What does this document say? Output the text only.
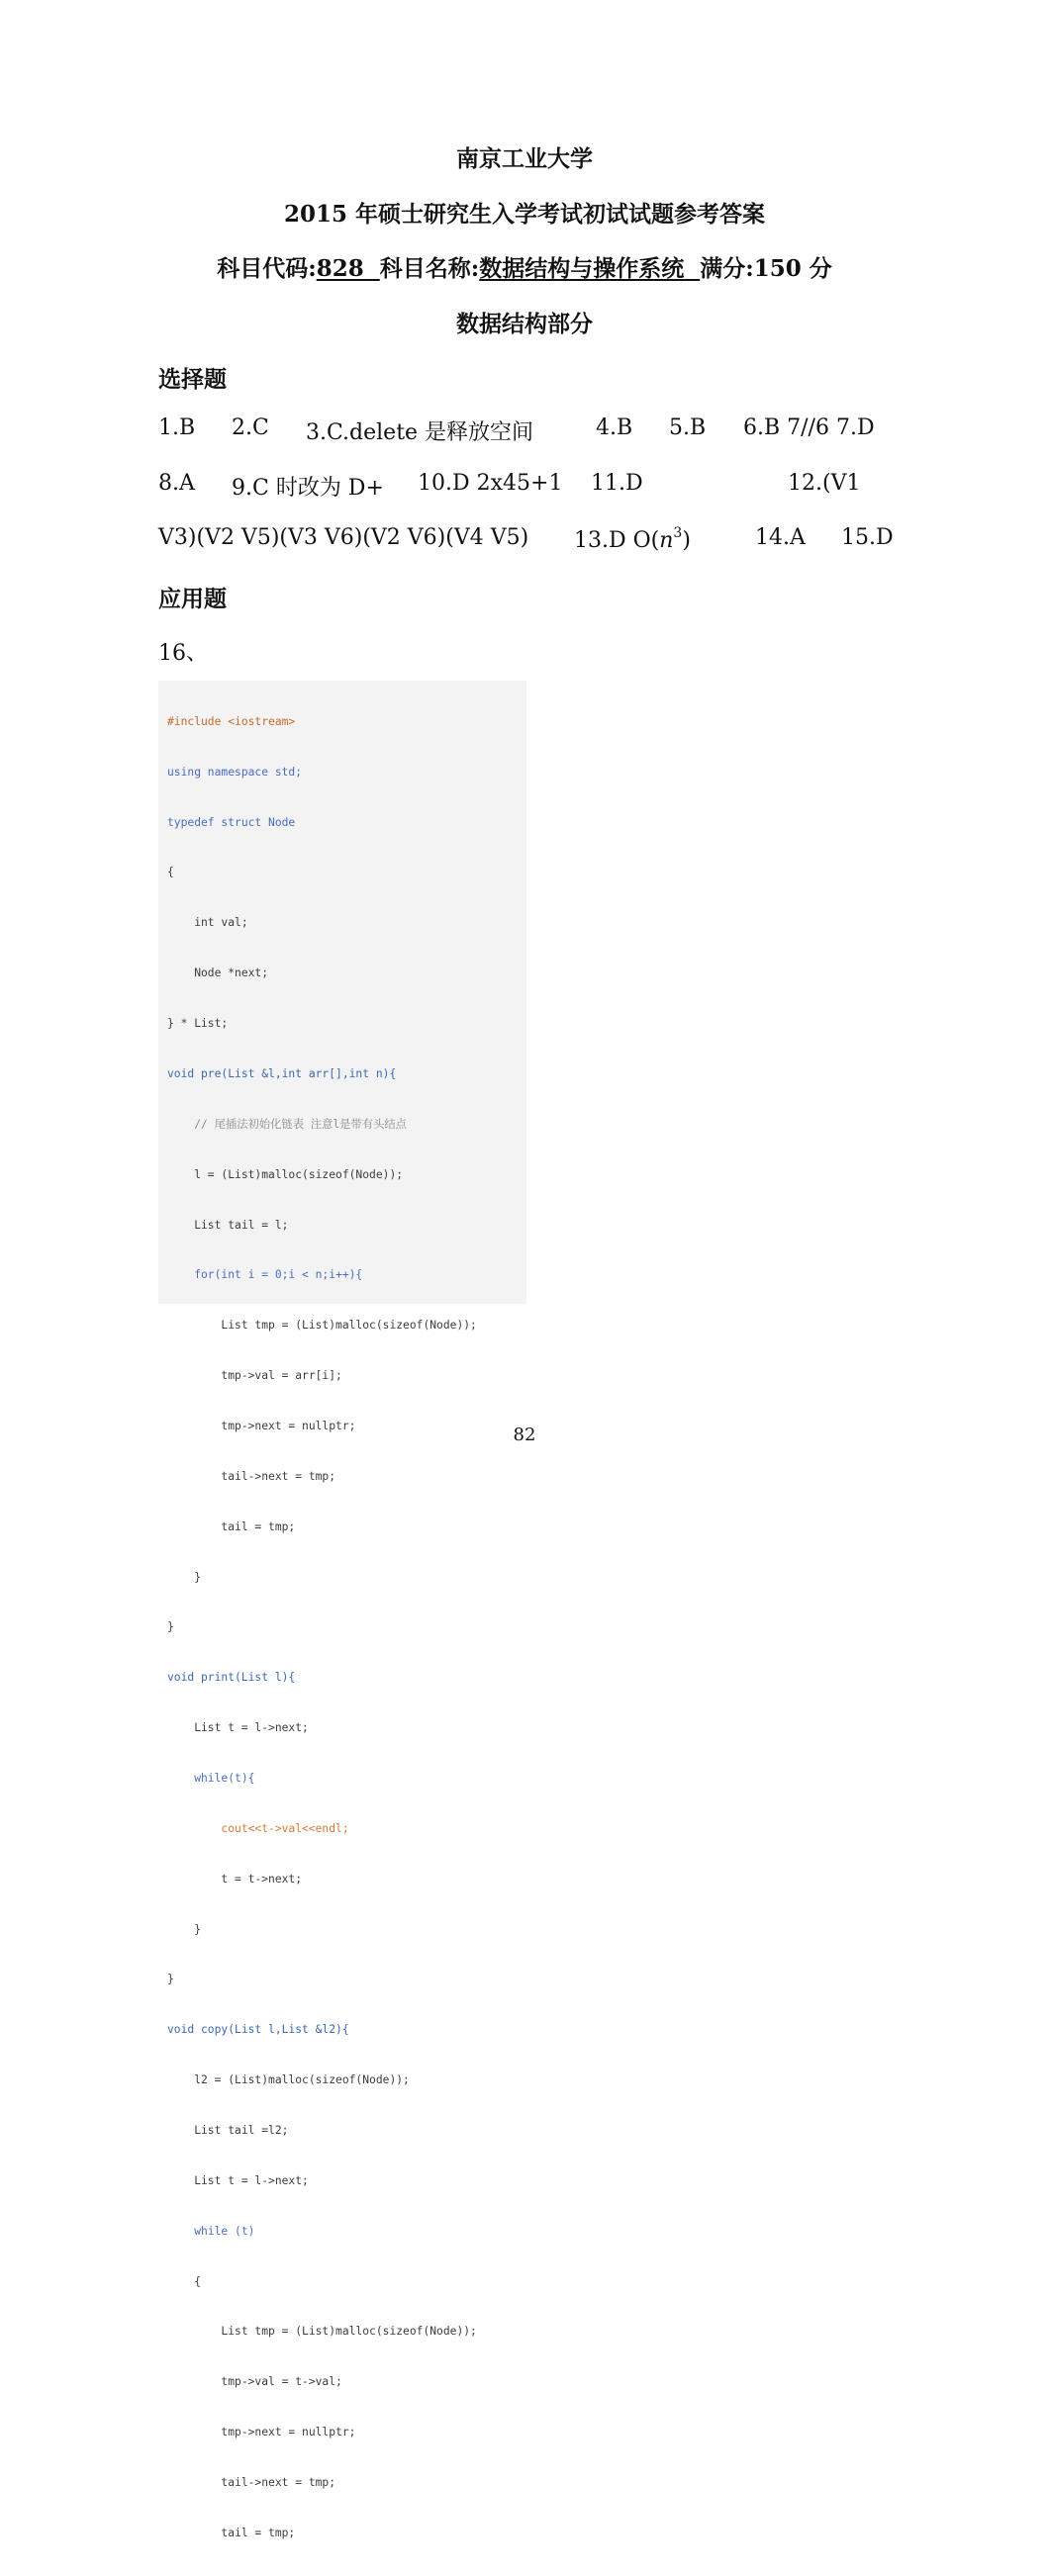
南京工业大学
2015 年硕士研究生入学考试初试试题参考答案
科目代码:828  科目名称:数据结构与操作系统  满分:150 分
数据结构部分
选择题
1.B 2.C 3.C.delete 是释放空间	4.B 5.B 6.B 7//6 7.D
8.A 9.C 时改为 D+ 10.D 2x45+1 11.D	12.(V1
V3)(V2 V5)(V3 V6)(V2 V6)(V4 V5) 13.D $O(n^3)$	14.A 15.D
应用题
16、

#include <iostream>

using namespace std;

typedef struct Node

{

int val;

Node *next;

} * List;

void pre(List &l,int arr[],int n){

// 尾插法初始化链表 注意l是带有头结点

l = (List)malloc(sizeof(Node));

List tail = l;

for(int i = 0;i < n;i++){

List tmp = (List)malloc(sizeof(Node));

tmp->val = arr[i];

tmp->next = nullptr;

tail->next = tmp;

tail = tmp;

}

}

void print(List l){

List t = l->next;

while(t){

cout<<t->val<<endl;

t = t->next;

}

}

void copy(List l,List &l2){

l2 = (List)malloc(sizeof(Node));

List tail =l2;

List t = l->next;

while (t)

{

List tmp = (List)malloc(sizeof(Node));

tmp->val = t->val;

tmp->next = nullptr;

tail->next = tmp;

tail = tmp;

82
